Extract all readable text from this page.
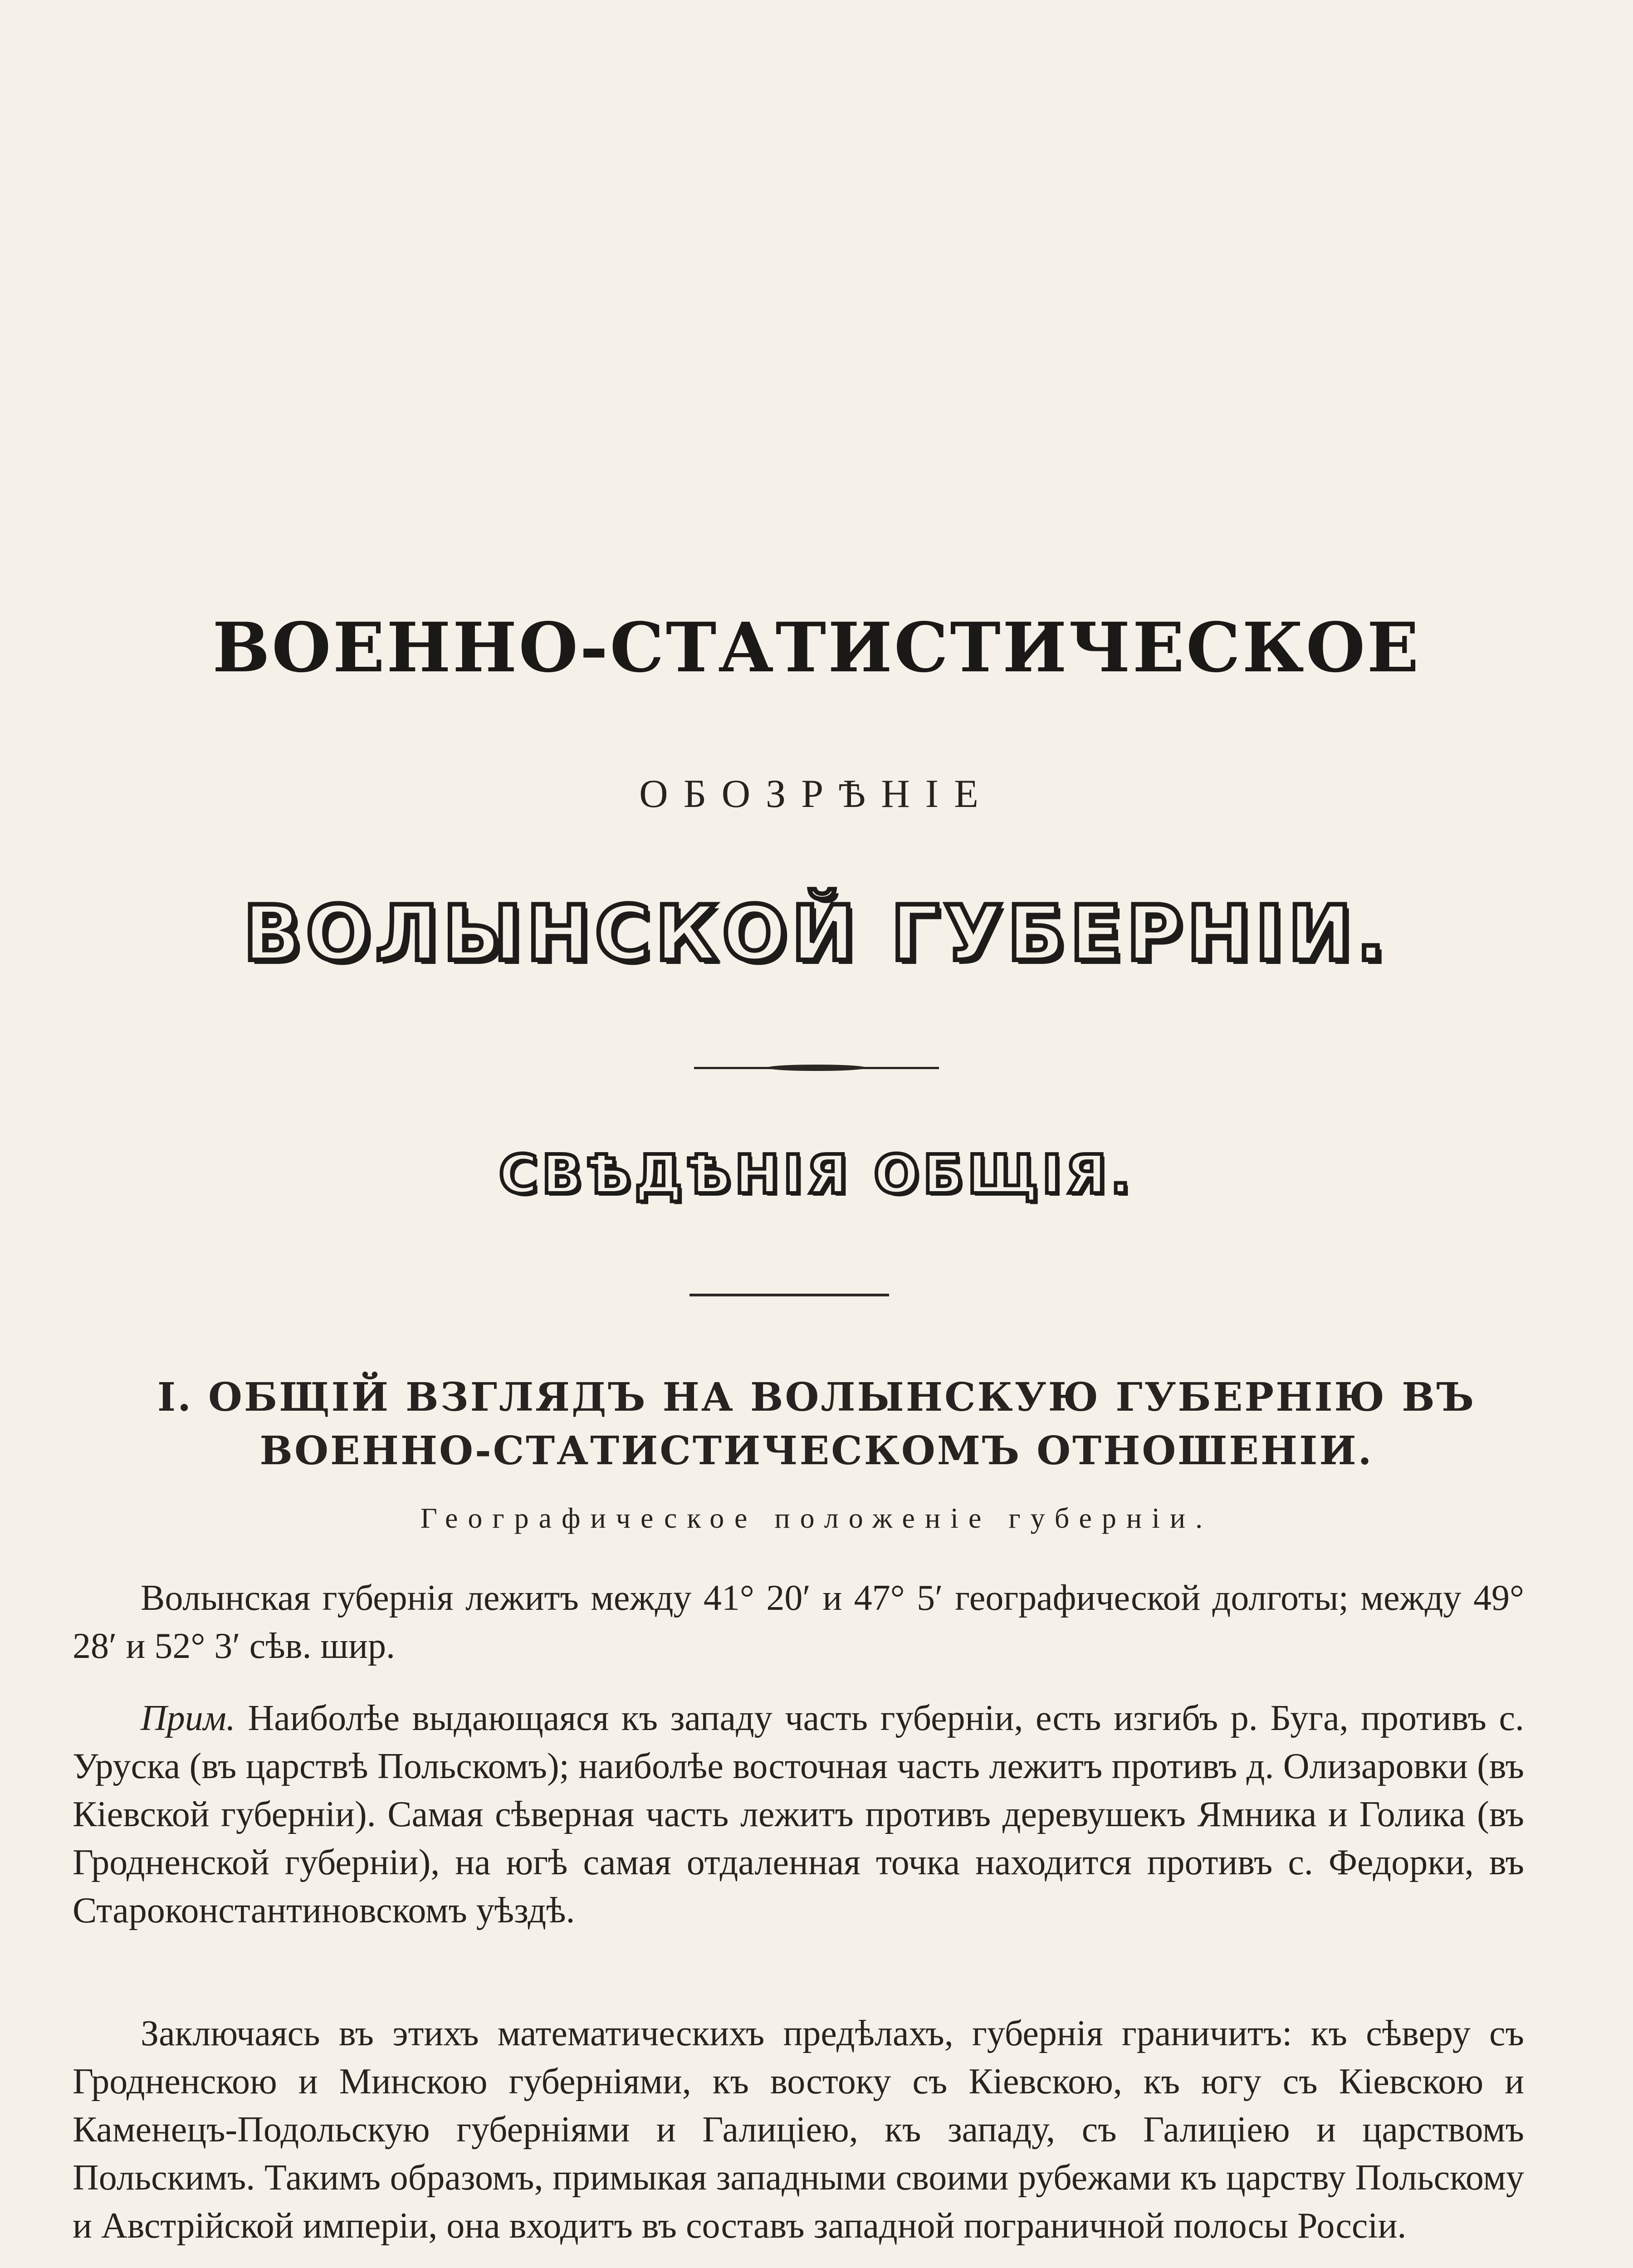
ВОЕННО-СТАТИСТИЧЕСКОЕ
ОБОЗРѢНІЕ
ВОЛЫНСКОЙ ГУБЕРНІИ.
СВѢДѢНІЯ ОБЩІЯ.
I. ОБЩІЙ ВЗГЛЯДЪ НА ВОЛЫНСКУЮ ГУБЕРНІЮ ВЪ
ВОЕННО-СТАТИСТИЧЕСКОМЪ ОТНОШЕНІИ.
Географическое положеніе губерніи.

Волынская губернія лежитъ между 41° 20′ и 47° 5′ географической долготы; между 49° 28′ и 52° 3′ сѣв. шир.

Прим. Наиболѣе выдающаяся къ западу часть губерніи, есть изгибъ р. Буга, противъ с. Уруска (въ царствѣ Польскомъ); наиболѣе восточная часть лежитъ противъ д. Олизаровки (въ Кіевской губерніи). Самая сѣверная часть лежитъ противъ деревушекъ Ямника и Голика (въ Гродненской губерніи), на югѣ самая отдаленная точка находится противъ с. Федорки, въ Староконстантиновскомъ уѣздѣ.

Заключаясь въ этихъ математическихъ предѣлахъ, губернія граничитъ: къ сѣверу съ Гродненскою и Минскою губерніями, къ востоку съ Кіевскою, къ югу съ Кіевскою и Каменецъ-Подольскую губерніями и Галиціею, къ западу, съ Галиціею и царствомъ Польскимъ. Такимъ образомъ, примыкая западными своими рубежами къ царству Польскому и Австрійской имперіи, она входитъ въ составъ западной пограничной полосы Россіи.
